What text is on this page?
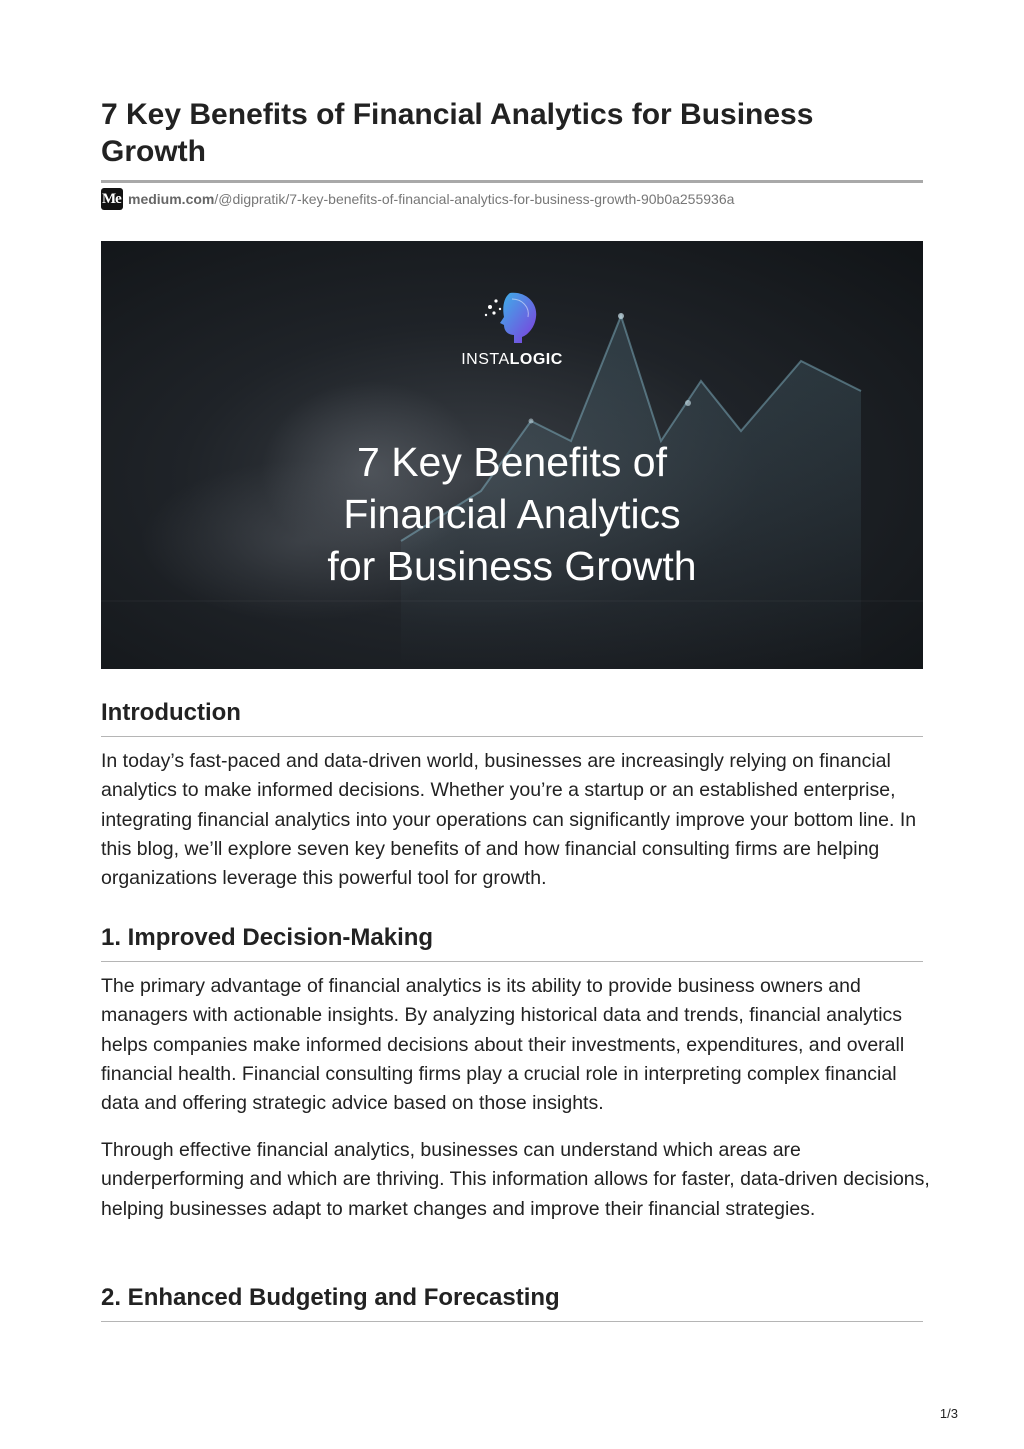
7 Key Benefits of Financial Analytics for Business Growth
Me medium.com /@digpratik/7-key-benefits-of-financial-analytics-for-business-growth-90b0a255936a
INSTALOGIC
7 Key Benefits of
Financial Analytics
for Business Growth
Introduction

In today’s fast-paced and data-driven world, businesses are increasingly relying on financial analytics to make informed decisions. Whether you’re a startup or an established enterprise, integrating financial analytics into your operations can significantly improve your bottom line. In this blog, we’ll explore seven key benefits of and how financial consulting firms are helping organizations leverage this powerful tool for growth.

1. Improved Decision-Making

The primary advantage of financial analytics is its ability to provide business owners and managers with actionable insights. By analyzing historical data and trends, financial analytics helps companies make informed decisions about their investments, expenditures, and overall financial health. Financial consulting firms play a crucial role in interpreting complex financial data and offering strategic advice based on those insights.

Through effective financial analytics, businesses can understand which areas are underperforming and which are thriving. This information allows for faster, data-driven decisions, helping businesses adapt to market changes and improve their financial strategies.

2. Enhanced Budgeting and Forecasting
1/3
